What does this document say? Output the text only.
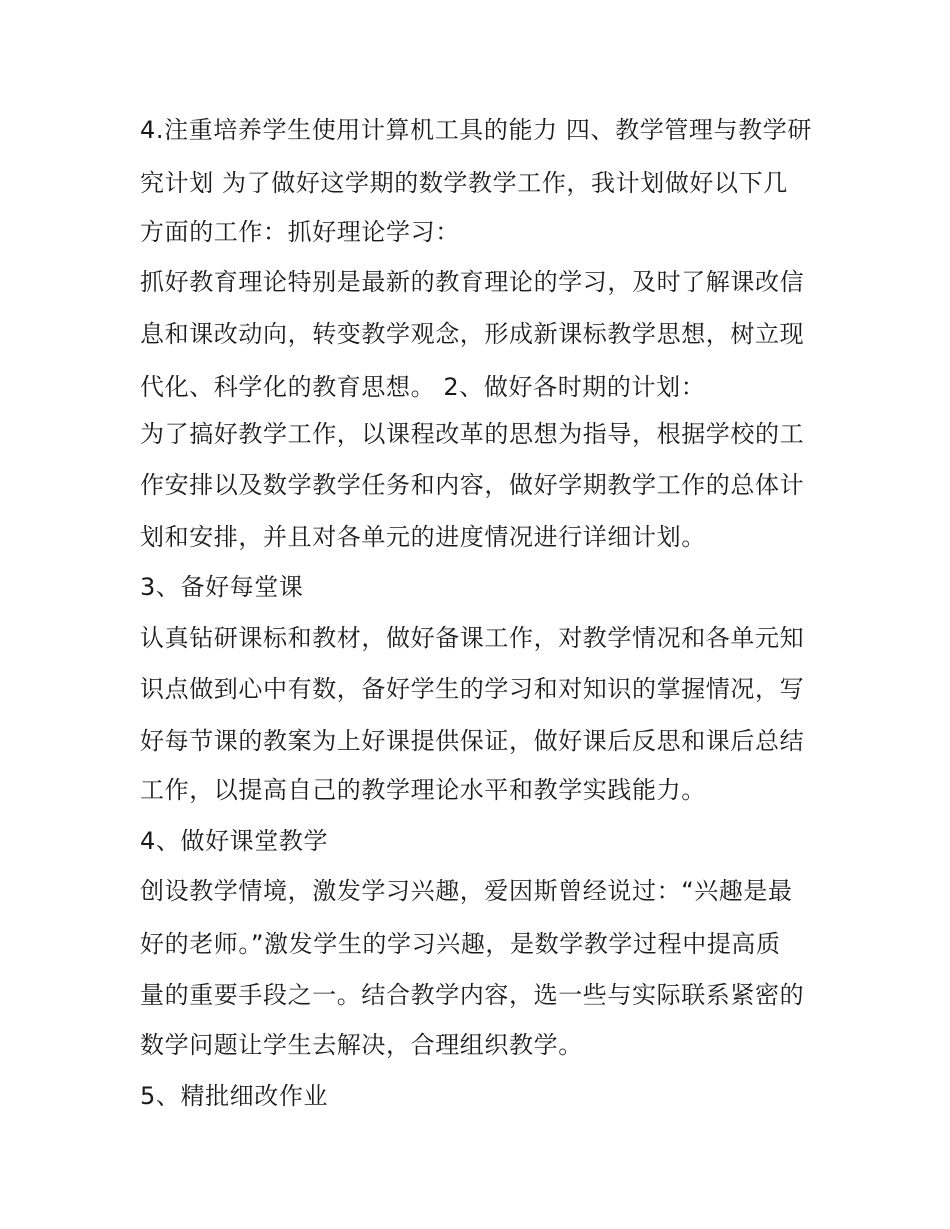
4.注重培养学生使用计算机工具的能力 四、教学管理与教学研
究计划 为了做好这学期的数学教学工作，我计划做好以下几
方面的工作：抓好理论学习：
抓好教育理论特别是最新的教育理论的学习，及时了解课改信
息和课改动向，转变教学观念，形成新课标教学思想，树立现
代化、科学化的教育思想。 2、做好各时期的计划：
为了搞好教学工作，以课程改革的思想为指导，根据学校的工
作安排以及数学教学任务和内容，做好学期教学工作的总体计
划和安排，并且对各单元的进度情况进行详细计划。
3、备好每堂课
认真钻研课标和教材，做好备课工作，对教学情况和各单元知
识点做到心中有数，备好学生的学习和对知识的掌握情况，写
好每节课的教案为上好课提供保证，做好课后反思和课后总结
工作，以提高自己的教学理论水平和教学实践能力。
4、做好课堂教学
创设教学情境，激发学习兴趣，爱因斯曾经说过：“兴趣是最
好的老师。”激发学生的学习兴趣，是数学教学过程中提高质
量的重要手段之一。结合教学内容，选一些与实际联系紧密的
数学问题让学生去解决，合理组织教学。
5、精批细改作业
